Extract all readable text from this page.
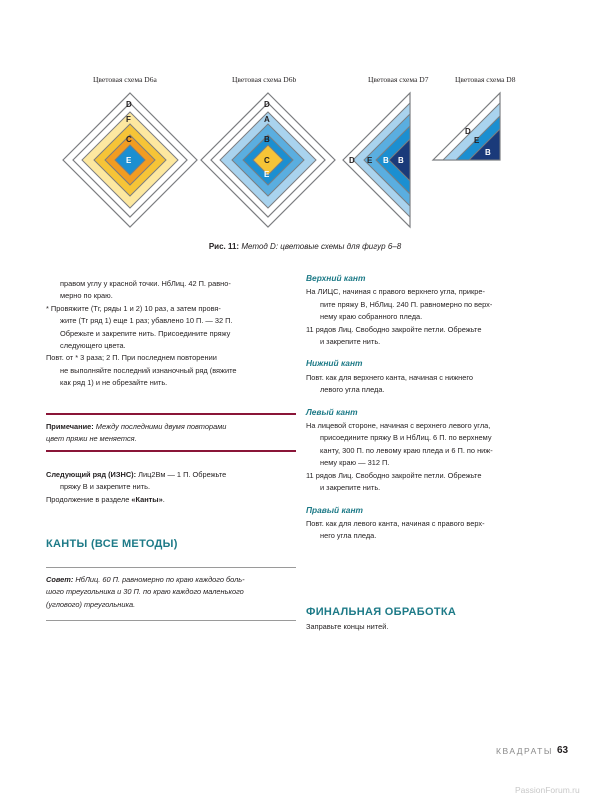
Цветовая схема D6a	Цветовая схема D6b	Цветовая схема D7	Цветовая схема D8
D
F
C
E
D
A
B
C
E
D E B B
D
E
B
Рис. 11: Метод D: цветовые схемы для фигур 6–8

правом углу у красной точки. НбЛиц. 42 П. равно-

мерно по краю.

* Провяжите (Тг, ряды 1 и 2) 10 раз, а затем провя-

жите (Тг ряд 1) еще 1 раз; убавлено 10 П. — 32 П.

Обрежьте и закрепите нить. Присоедините пряжу

следующего цвета.

Повт. от * 3 раза; 2 П. При последнем повторении

не выполняйте последний изнаночный ряд (вяжите

как ряд 1) и не обрезайте нить.

Примечание: Между последними двумя повторами
цвет пряжи не меняется.

Следующий ряд (ИЗНС): Лиц2Вм — 1 П. Обрежьте

пряжу B и закрепите нить.

Продолжение в разделе «Канты».

КАНТЫ (ВСЕ МЕТОДЫ)
Совет: НбЛиц. 60 П. равномерно по краю каждого боль-
шого треугольника и 30 П. по краю каждого маленького
(углового) треугольника.
Верхний кант

На ЛИЦС, начиная с правого верхнего угла, прикре-

пите пряжу B, НбЛиц. 240 П. равномерно по верх-

нему краю собранного пледа.

11 рядов Лиц. Свободно закройте петли. Обрежьте

и закрепите нить.

Нижний кант

Повт. как для верхнего канта, начиная с нижнего

левого угла пледа.

Левый кант

На лицевой стороне, начиная с верхнего левого угла,

присоедините пряжу B и НбЛиц. 6 П. по верхнему

канту, 300 П. по левому краю пледа и 6 П. по ниж-

нему краю — 312 П.

11 рядов Лиц. Свободно закройте петли. Обрежьте

и закрепите нить.

Правый кант

Повт. как для левого канта, начиная с правого верх-

него угла пледа.

ФИНАЛЬНАЯ ОБРАБОТКА
Заправьте концы нитей.
КВАДРАТЫ 63
PassionForum.ru
